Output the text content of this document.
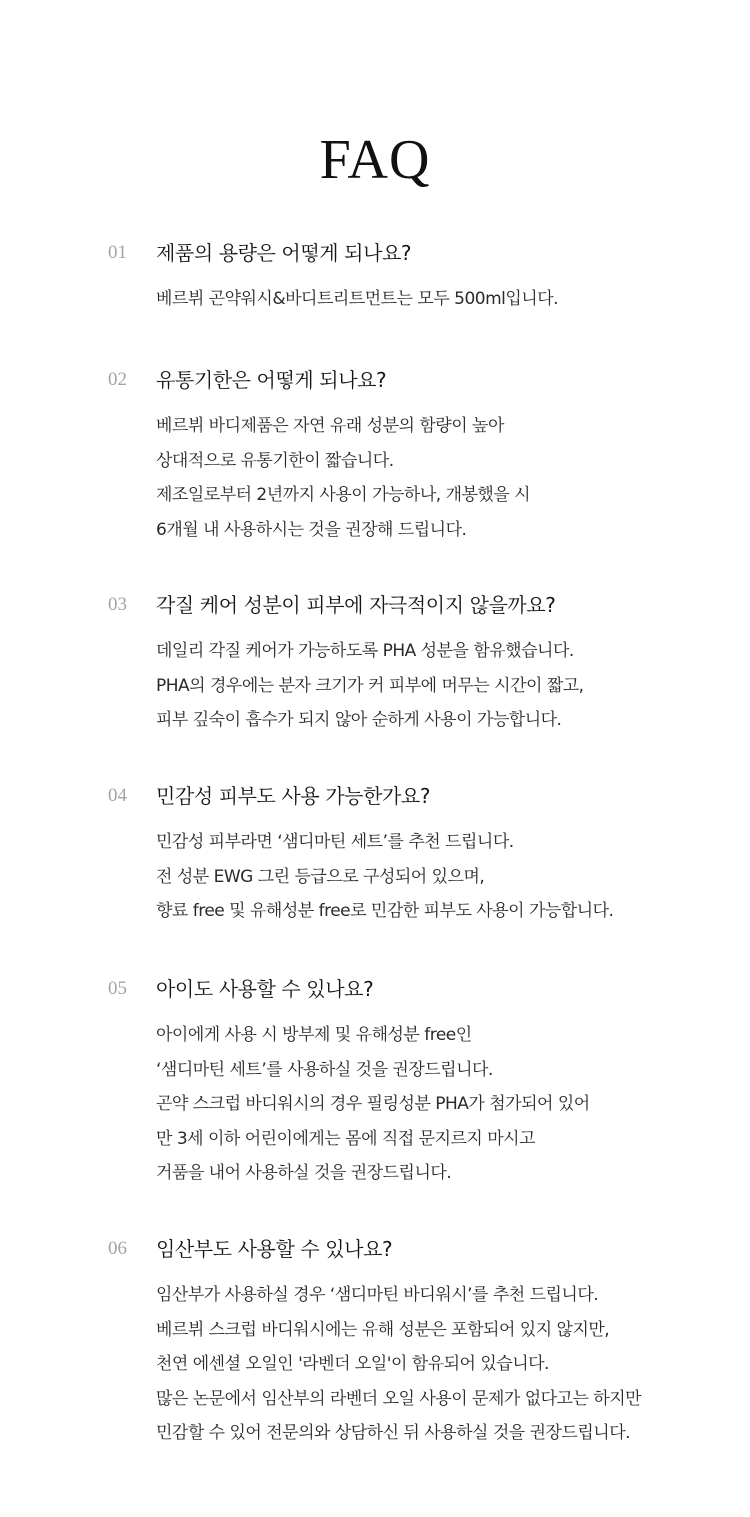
FAQ
01 제품의 용량은 어떻게 되나요?
베르뷔 곤약워시&바디트리트먼트는 모두 500ml입니다.
02 유통기한은 어떻게 되나요?
베르뷔 바디제품은 자연 유래 성분의 함량이 높아
상대적으로 유통기한이 짧습니다.
제조일로부터 2년까지 사용이 가능하나, 개봉했을 시
6개월 내 사용하시는 것을 권장해 드립니다.
03 각질 케어 성분이 피부에 자극적이지 않을까요?
데일리 각질 케어가 가능하도록 PHA 성분을 함유했습니다.
PHA의 경우에는 분자 크기가 커 피부에 머무는 시간이 짧고,
피부 깊숙이 흡수가 되지 않아 순하게 사용이 가능합니다.
04 민감성 피부도 사용 가능한가요?
민감성 피부라면 ‘샘디마틴 세트’를 추천 드립니다.
전 성분 EWG 그린 등급으로 구성되어 있으며,
향료 free 및 유해성분 free로 민감한 피부도 사용이 가능합니다.
05 아이도 사용할 수 있나요?
아이에게 사용 시 방부제 및 유해성분 free인
‘샘디마틴 세트’를 사용하실 것을 권장드립니다.
곤약 스크럽 바디워시의 경우 필링성분 PHA가 첨가되어 있어
만 3세 이하 어린이에게는 몸에 직접 문지르지 마시고
거품을 내어 사용하실 것을 권장드립니다.
06 임산부도 사용할 수 있나요?
임산부가 사용하실 경우 ‘샘디마틴 바디워시’를 추천 드립니다.
베르뷔 스크럽 바디워시에는 유해 성분은 포함되어 있지 않지만,
천연 에센셜 오일인 '라벤더 오일'이 함유되어 있습니다.
많은 논문에서 임산부의 라벤더 오일 사용이 문제가 없다고는 하지만
민감할 수 있어 전문의와 상담하신 뒤 사용하실 것을 권장드립니다.
